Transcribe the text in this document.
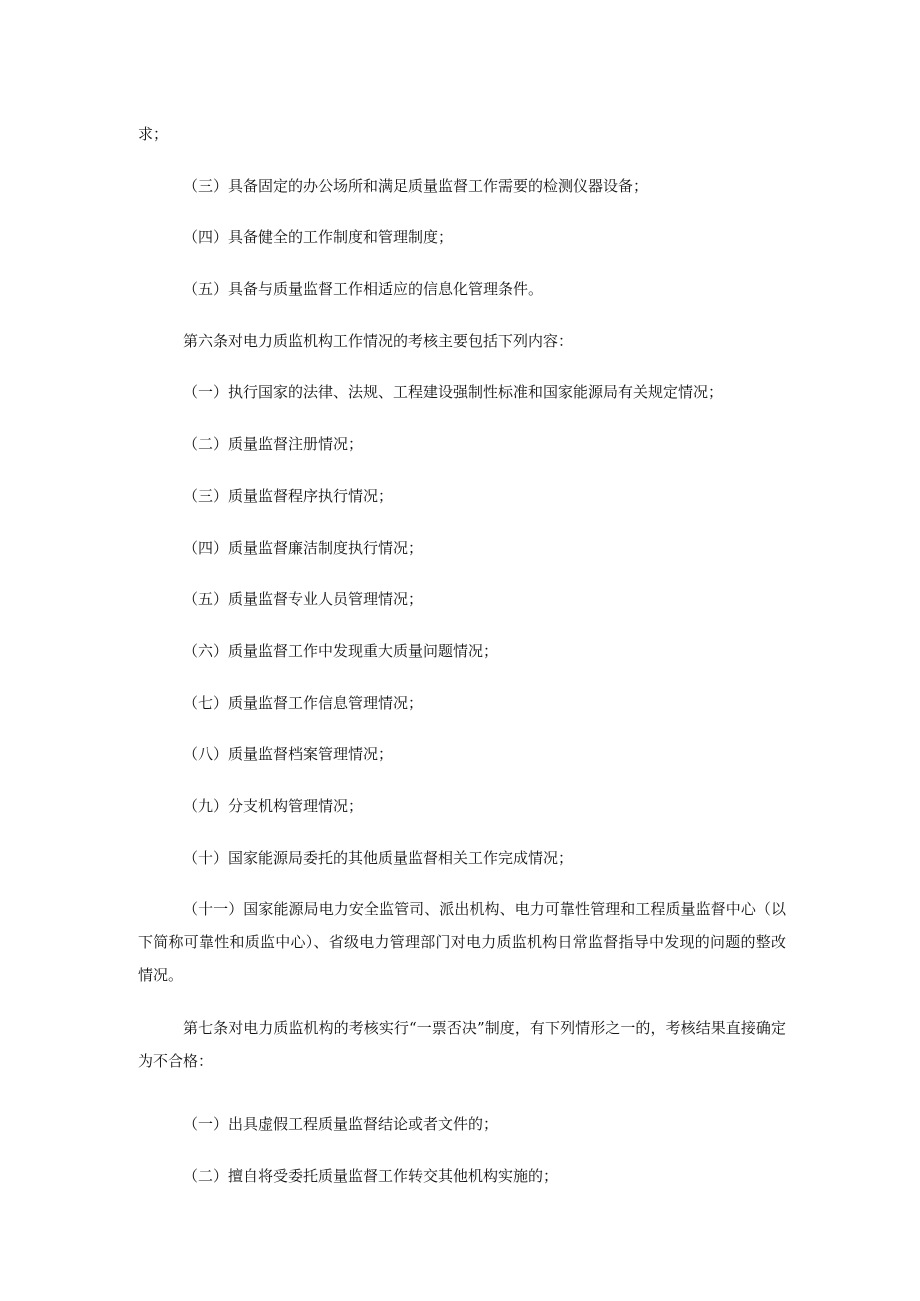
求；

（三）具备固定的办公场所和满足质量监督工作需要的检测仪器设备；

（四）具备健全的工作制度和管理制度；

（五）具备与质量监督工作相适应的信息化管理条件。

第六条对电力质监机构工作情况的考核主要包括下列内容：

（一）执行国家的法律、法规、工程建设强制性标准和国家能源局有关规定情况；

（二）质量监督注册情况；

（三）质量监督程序执行情况；

（四）质量监督廉洁制度执行情况；

（五）质量监督专业人员管理情况；

（六）质量监督工作中发现重大质量问题情况；

（七）质量监督工作信息管理情况；

（八）质量监督档案管理情况；

（九）分支机构管理情况；

（十）国家能源局委托的其他质量监督相关工作完成情况；

（十一）国家能源局电力安全监管司、派出机构、电力可靠性管理和工程质量监督中心（以下简称可靠性和质监中心）、省级电力管理部门对电力质监机构日常监督指导中发现的问题的整改情况。

第七条对电力质监机构的考核实行“一票否决”制度，有下列情形之一的，考核结果直接确定为不合格：

（一）出具虚假工程质量监督结论或者文件的；

（二）擅自将受委托质量监督工作转交其他机构实施的；
